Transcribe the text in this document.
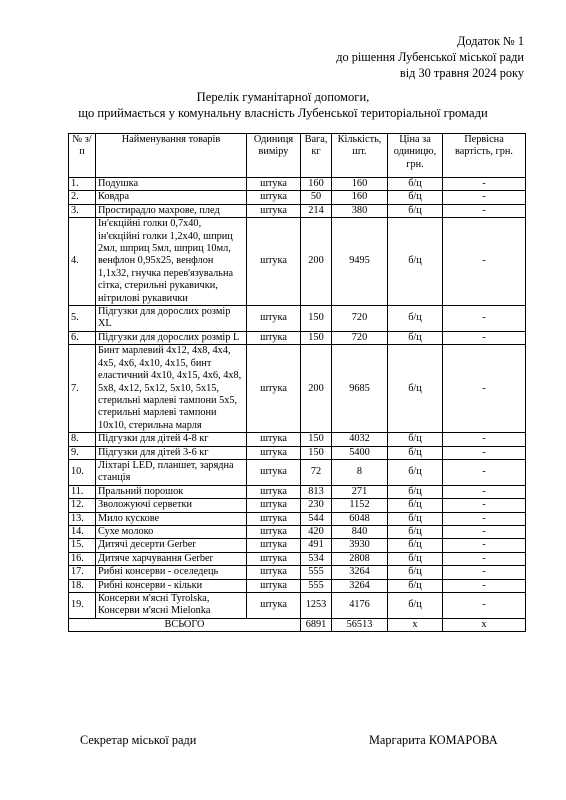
Додаток № 1
до рішення Лубенської міської ради
від 30 травня 2024 року
Перелік гуманітарної допомоги,
що приймається у комунальну власність Лубенської територіальної громади
№ з/п	Найменування товарів	Одиниця виміру	Вага, кг	Кількість, шт.	Ціна за одиницю, грн.	Первісна вартість, грн.
1.	Подушка	штука	160	160	б/ц	-
2.	Ковдра	штука	50	160	б/ц	-
3.	Простирадло махрове, плед	штука	214	380	б/ц	-
4.	Ін'єкційні голки 0,7х40, ін'єкційні голки 1,2х40, шприц 2мл, шприц 5мл, шприц 10мл, венфлон 0,95х25, венфлон 1,1х32, гнучка перев'язувальна сітка, стерильні рукавички, нітрилові рукавички	штука	200	9495	б/ц	-
5.	Підгузки для дорослих розмір XL	штука	150	720	б/ц	-
6.	Підгузки для дорослих розмір L	штука	150	720	б/ц	-
7.	Бинт марлевий 4х12, 4х8, 4х4, 4х5, 4х6, 4х10, 4х15, бинт еластичний 4х10, 4х15, 4х6, 4х8, 5х8, 4х12, 5х12, 5х10, 5х15, стерильні марлеві тампони 5х5, стерильні марлеві тампони 10х10, стерильна марля	штука	200	9685	б/ц	-
8.	Підгузки для дітей 4-8 кг	штука	150	4032	б/ц	-
9.	Підгузки для дітей 3-6 кг	штука	150	5400	б/ц	-
10.	Ліхтарі LED, планшет, зарядна станція	штука	72	8	б/ц	-
11.	Пральний порошок	штука	813	271	б/ц	-
12.	Зволожуючі серветки	штука	230	1152	б/ц	-
13.	Мило кускове	штука	544	6048	б/ц	-
14.	Сухе молоко	штука	420	840	б/ц	-
15.	Дитячі десерти Gerber	штука	491	3930	б/ц	-
16.	Дитяче харчування Gerber	штука	534	2808	б/ц	-
17.	Рибні консерви - оселедець	штука	555	3264	б/ц	-
18.	Рибні консерви - кільки	штука	555	3264	б/ц	-
19.	Консерви м'ясні Tyrolska, Консерви м'ясні Mielonka	штука	1253	4176	б/ц	-
ВСЬОГО			6891	56513	х	х
Секретар міської ради	Маргарита КОМАРОВА
